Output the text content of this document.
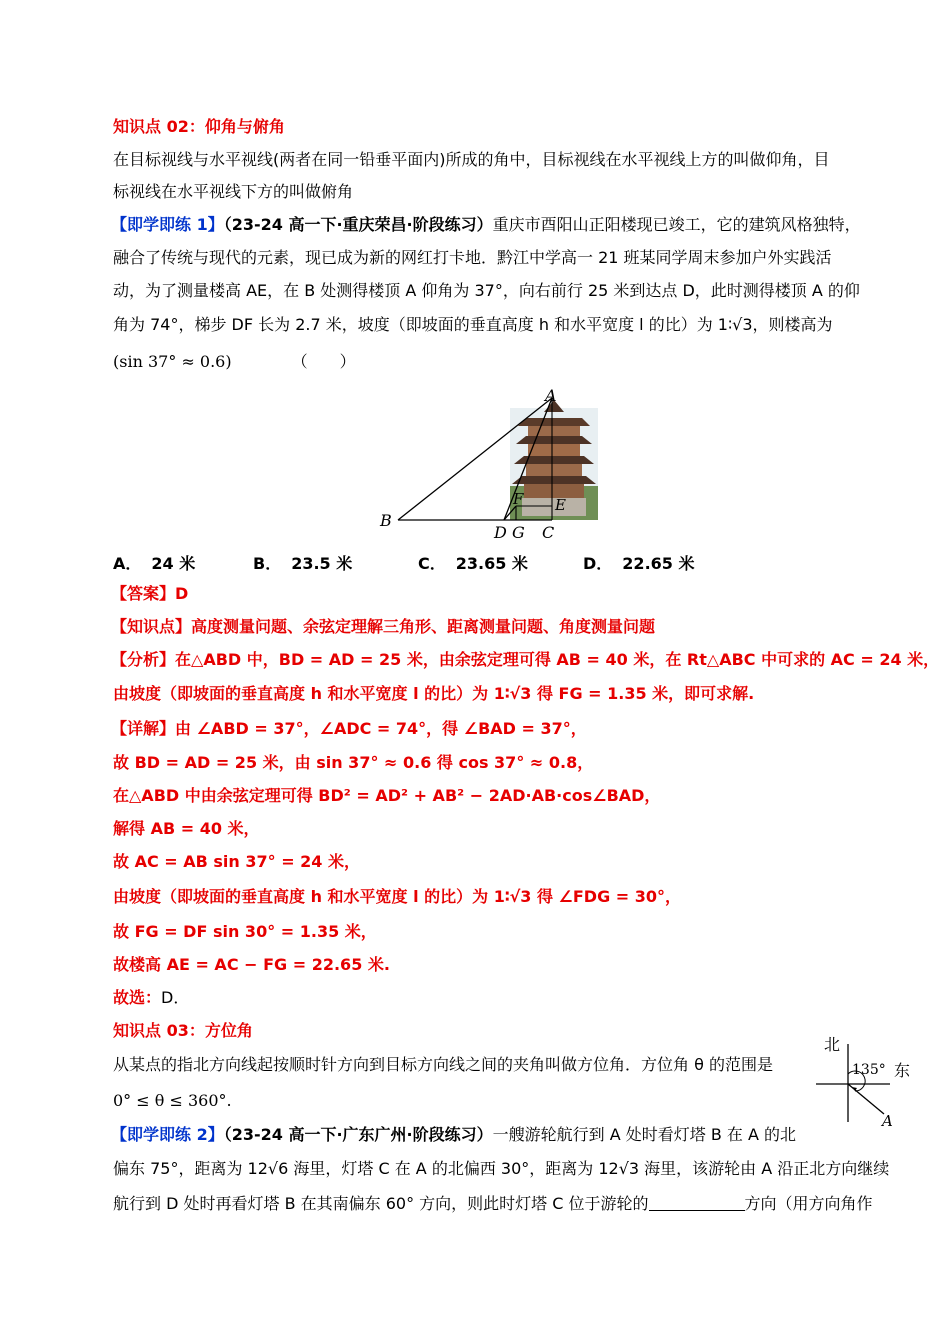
知识点 02：仰角与俯角
在目标视线与水平视线(两者在同一铅垂平面内)所成的角中，目标视线在水平视线上方的叫做仰角，目
标视线在水平视线下方的叫做俯角
【即学即练 1】（23-24 高一下·重庆荣昌·阶段练习）重庆市酉阳山正阳楼现已竣工，它的建筑风格独特，
融合了传统与现代的元素，现已成为新的网红打卡地．黔江中学高一 21 班某同学周末参加户外实践活
动，为了测量楼高 AE，在 B 处测得楼顶 A 仰角为 37°，向右前行 25 米到达点 D，此时测得楼顶 A 的仰
角为 74°，梯步 DF 长为 2.7 米，坡度（即坡面的垂直高度 h 和水平宽度 l 的比）为 1∶√3，则楼高为
(sin 37° ≈ 0.6)	（　　）
A
B
D G C
F E
A． 24 米	B． 23.5 米	C． 23.65 米	D． 22.65 米
【答案】D
【知识点】高度测量问题、余弦定理解三角形、距离测量问题、角度测量问题
【分析】在△ABD 中，BD = AD = 25 米，由余弦定理可得 AB = 40 米，在 Rt△ABC 中可求的 AC = 24 米，
由坡度（即坡面的垂直高度 h 和水平宽度 l 的比）为 1∶√3 得 FG = 1.35 米，即可求解.
【详解】由 ∠ABD = 37°，∠ADC = 74°，得 ∠BAD = 37°，
故 BD = AD = 25 米，由 sin 37° ≈ 0.6 得 cos 37° ≈ 0.8，
在△ABD 中由余弦定理可得 BD² = AD² + AB² − 2AD·AB·cos∠BAD，
解得 AB = 40 米，
故 AC = AB sin 37° = 24 米，
由坡度（即坡面的垂直高度 h 和水平宽度 l 的比）为 1∶√3 得 ∠FDG = 30°，
故 FG = DF sin 30° = 1.35 米，
故楼高 AE = AC − FG = 22.65 米.
故选：D．
知识点 03：方位角
从某点的指北方向线起按顺时针方向到目标方向线之间的夹角叫做方位角．方位角 θ 的范围是
0° ≤ θ ≤ 360°.
北
东
135°
A
【即学即练 2】（23-24 高一下·广东广州·阶段练习）一艘游轮航行到 A 处时看灯塔 B 在 A 的北
偏东 75°，距离为 12√6 海里，灯塔 C 在 A 的北偏西 30°，距离为 12√3 海里，该游轮由 A 沿正北方向继续
航行到 D 处时再看灯塔 B 在其南偏东 60° 方向，则此时灯塔 C 位于游轮的	方向（用方向角作
